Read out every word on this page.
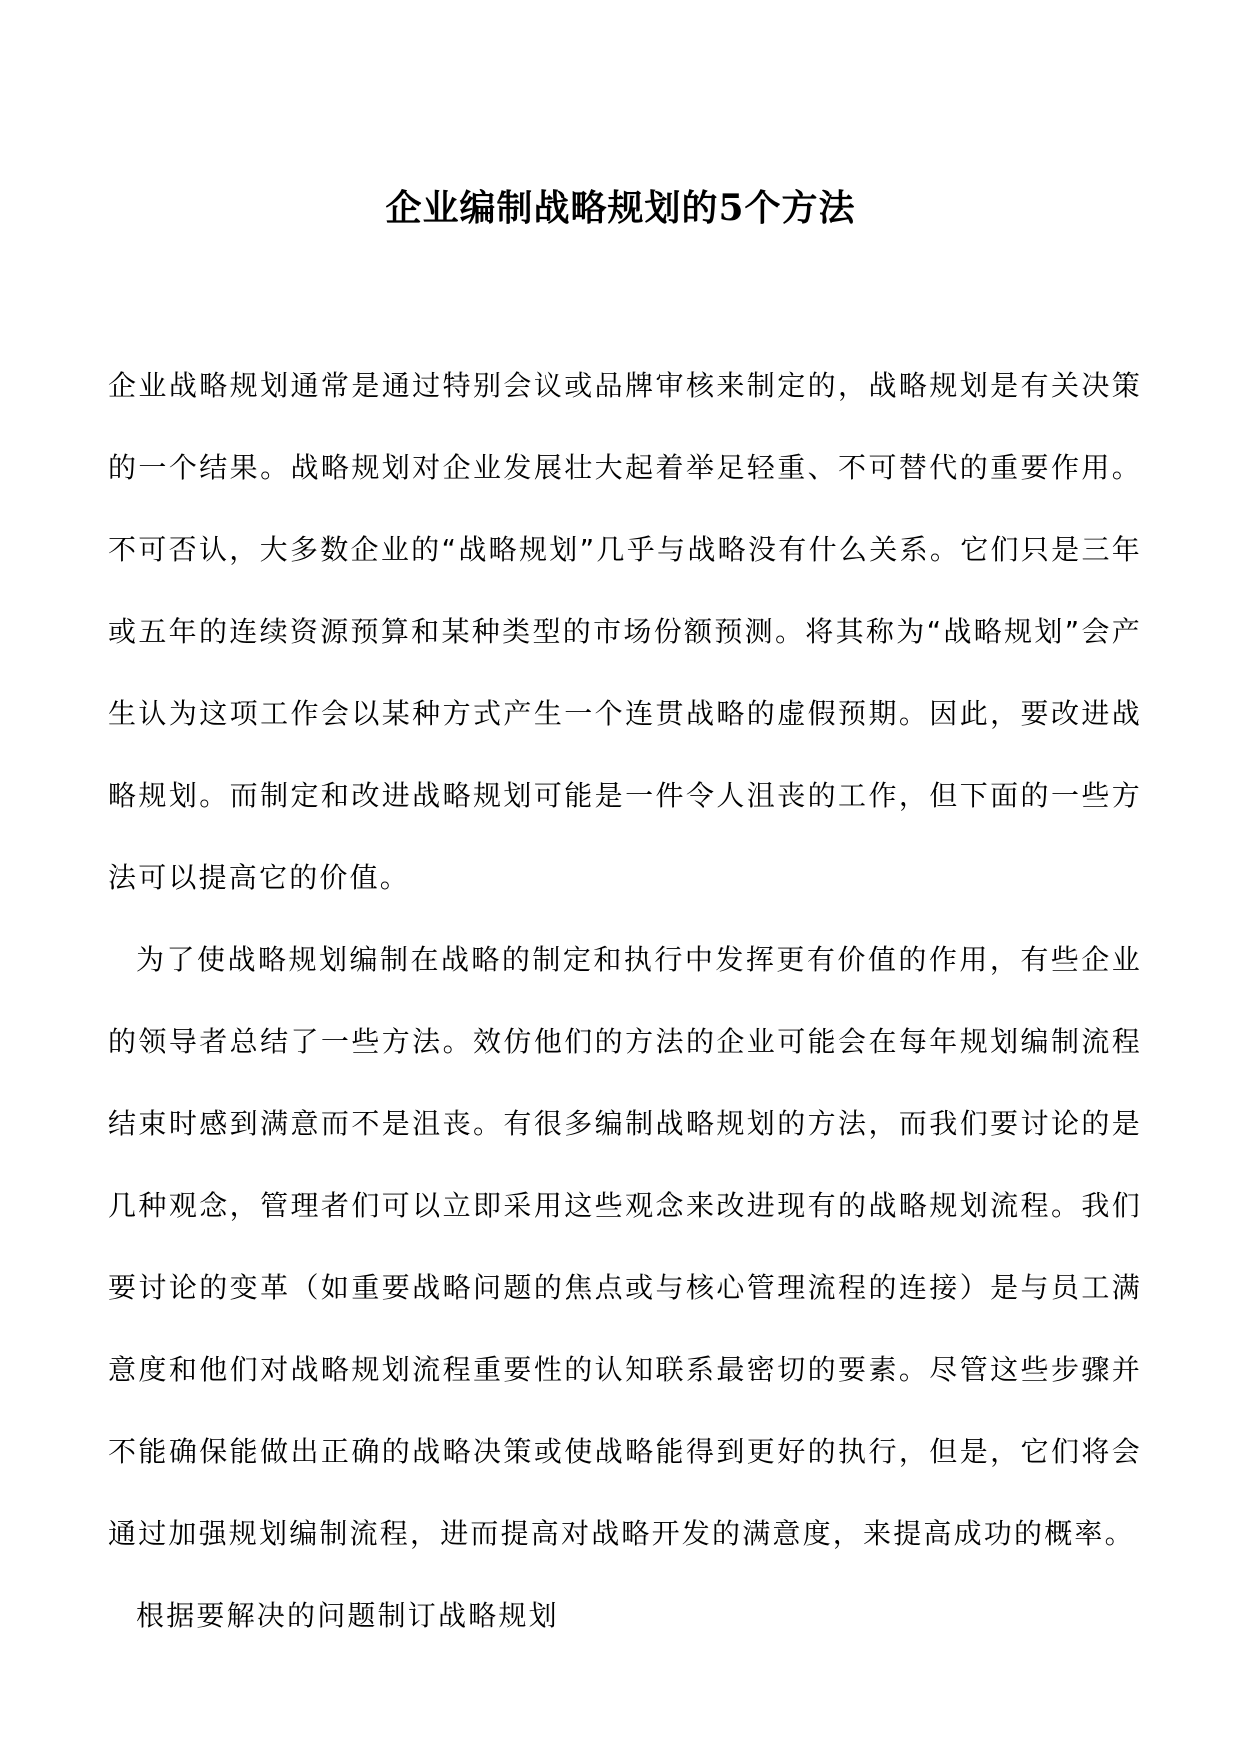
企业编制战略规划的5个方法

企业战略规划通常是通过特别会议或品牌审核来制定的，战略规划是有关决策的一个结果。战略规划对企业发展壮大起着举足轻重、不可替代的重要作用。不可否认，大多数企业的“战略规划”几乎与战略没有什么关系。它们只是三年或五年的连续资源预算和某种类型的市场份额预测。将其称为“战略规划”会产生认为这项工作会以某种方式产生一个连贯战略的虚假预期。因此，要改进战略规划。而制定和改进战略规划可能是一件令人沮丧的工作，但下面的一些方法可以提高它的价值。

为了使战略规划编制在战略的制定和执行中发挥更有价值的作用，有些企业的领导者总结了一些方法。效仿他们的方法的企业可能会在每年规划编制流程结束时感到满意而不是沮丧。有很多编制战略规划的方法，而我们要讨论的是几种观念，管理者们可以立即采用这些观念来改进现有的战略规划流程。我们要讨论的变革（如重要战略问题的焦点或与核心管理流程的连接）是与员工满意度和他们对战略规划流程重要性的认知联系最密切的要素。尽管这些步骤并不能确保能做出正确的战略决策或使战略能得到更好的执行，但是，它们将会通过加强规划编制流程，进而提高对战略开发的满意度，来提高成功的概率。

根据要解决的问题制订战略规划
